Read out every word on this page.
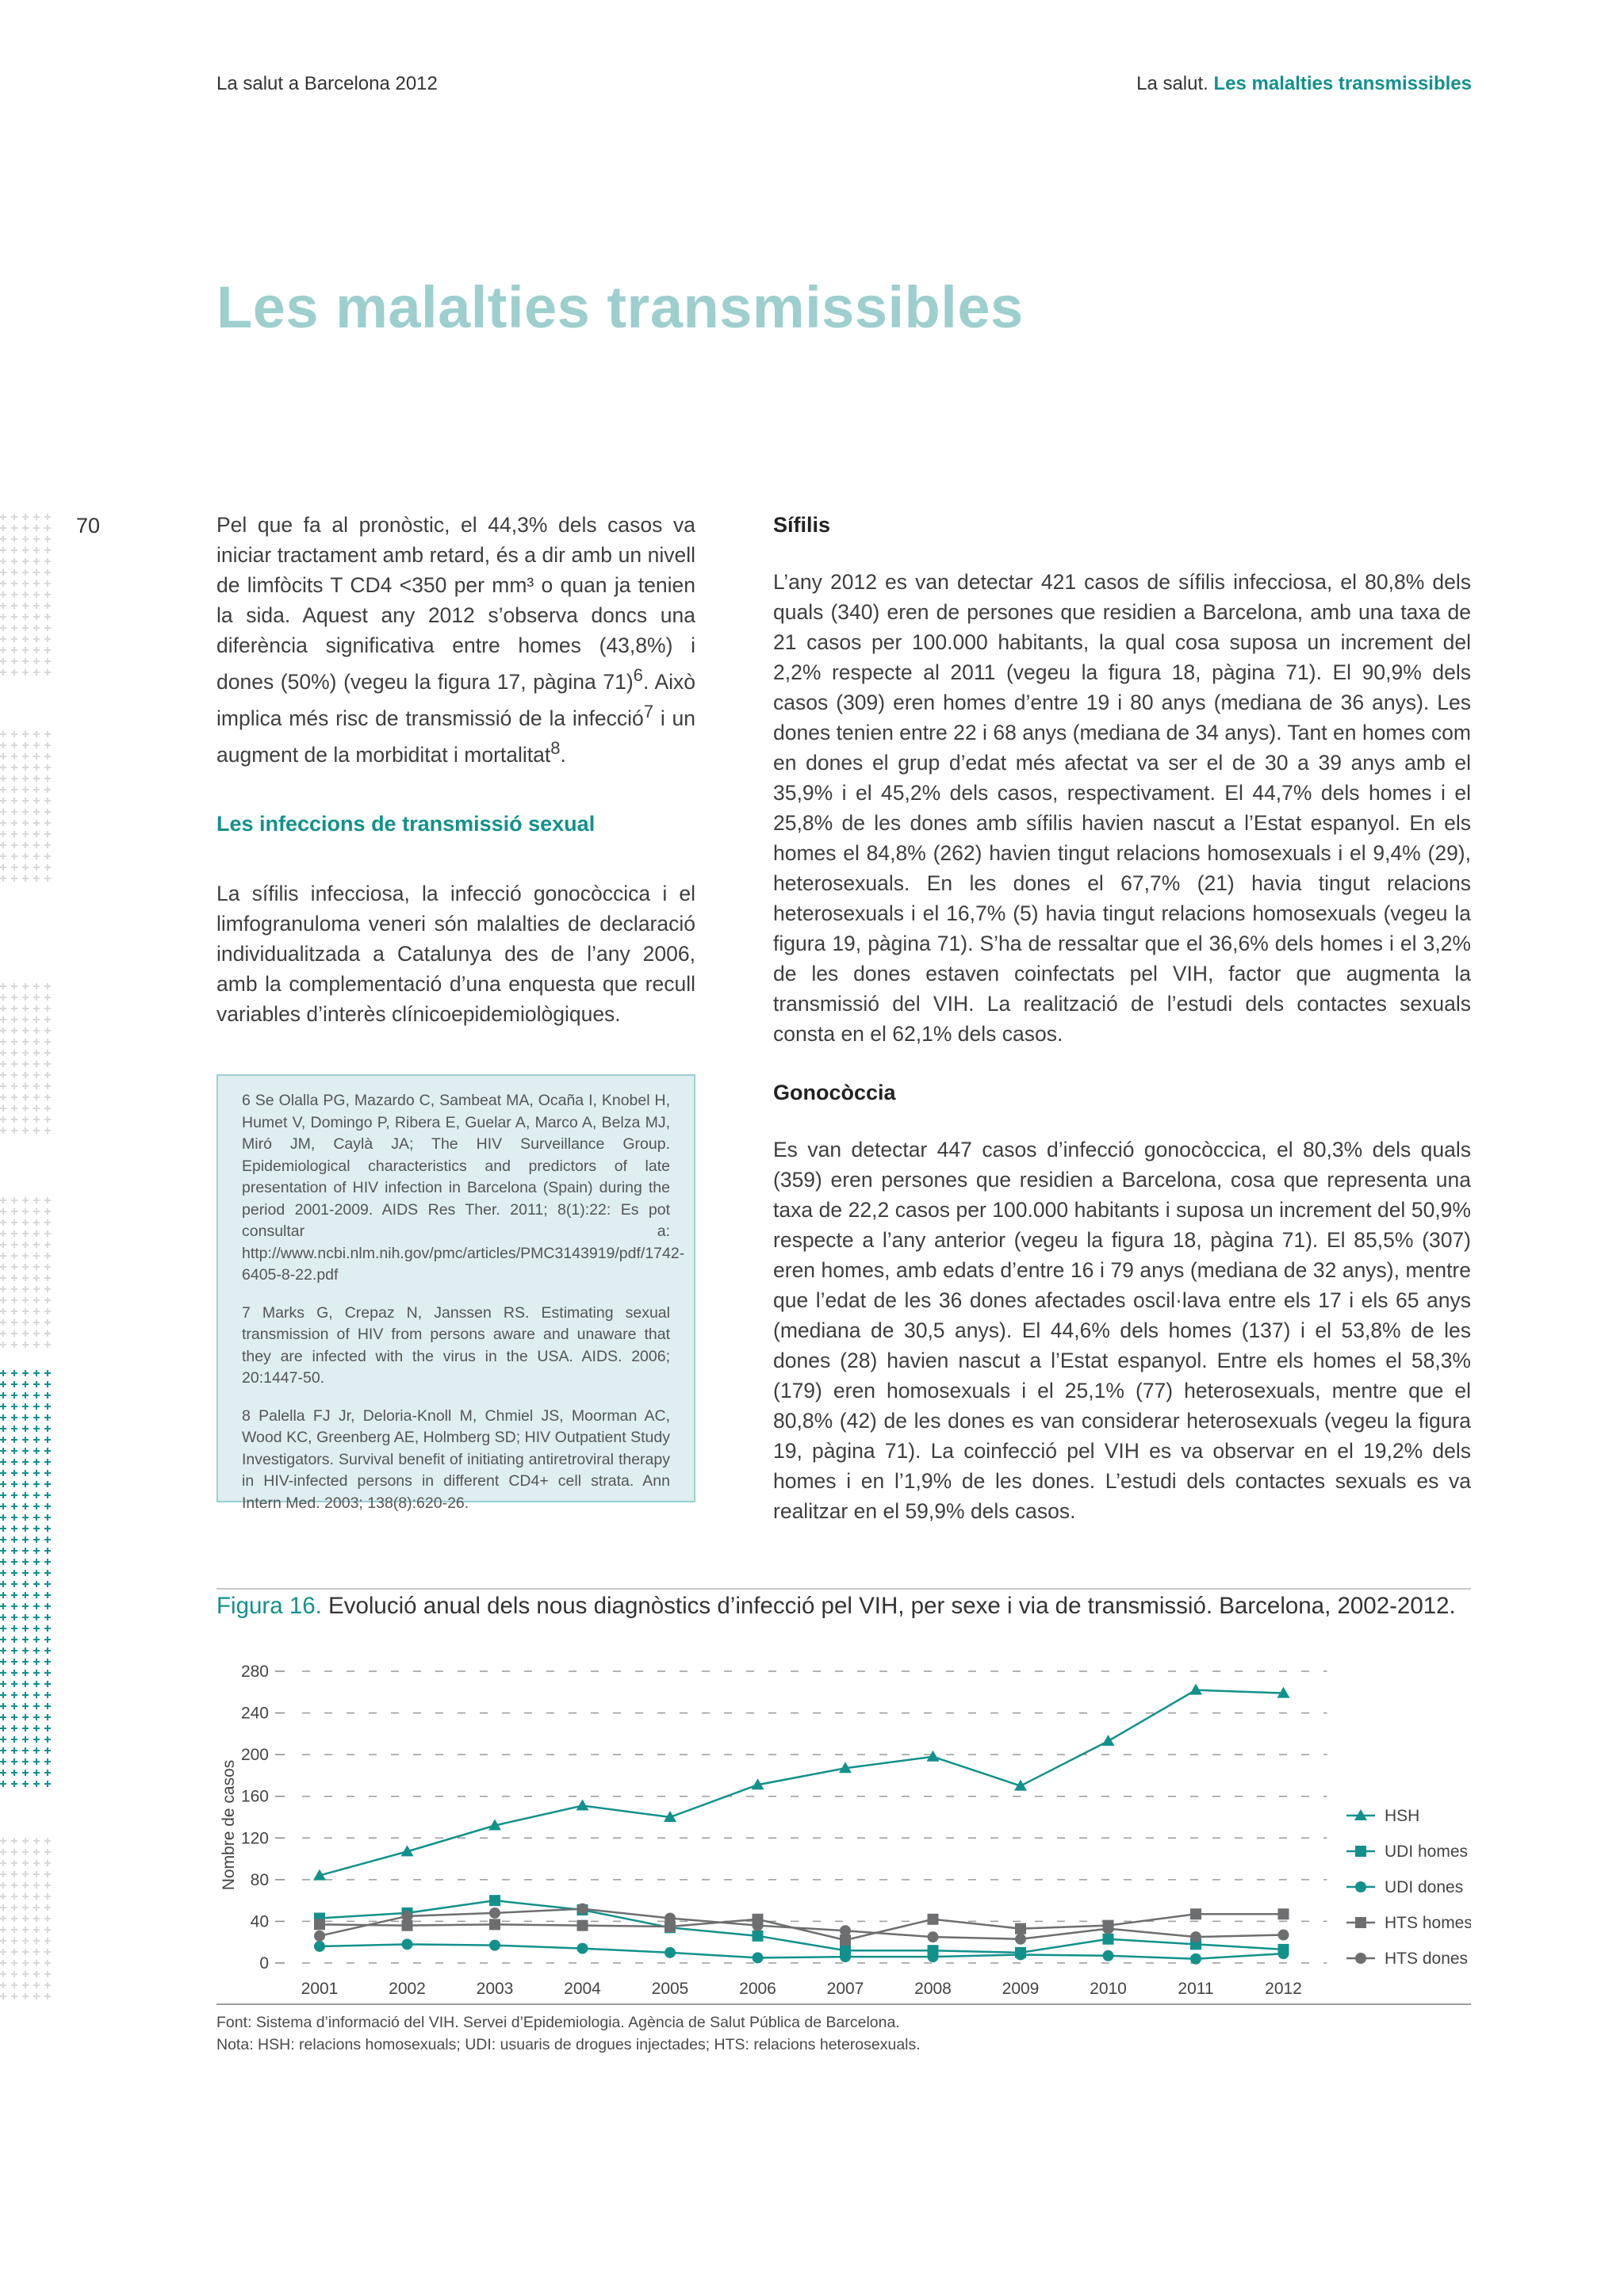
La salut a Barcelona 2012	La salut. Les malalties transmissibles
Les malalties transmissibles
70	Pel que fa al pronòstic, el 44,3% dels casos va iniciar tractament amb retard, és a dir amb un nivell de limfòcits T CD4 <350 per mm³ o quan ja tenien la sida. Aquest any 2012 s’observa doncs una diferència significativa entre homes (43,8%) i dones (50%) (vegeu la figura 17, pàgina 71)$^6$. Això implica més risc de transmissió de la infecció$^7$ i un augment de la morbiditat i mortalitat$^8$.

Les infeccions de transmissió sexual

La sífilis infecciosa, la infecció gonocòccica i el limfogranuloma veneri són malalties de declaració individualitzada a Catalunya des de l’any 2006, amb la complementació d’una enquesta que recull variables d’interès clínicoepidemiològiques.

6 Se Olalla PG, Mazardo C, Sambeat MA, Ocaña I, Knobel H, Humet V, Domingo P, Ribera E, Guelar A, Marco A, Belza MJ, Miró JM, Caylà JA; The HIV Surveillance Group. Epidemiological characteristics and predictors of late presentation of HIV infection in Barcelona (Spain) during the period 2001-2009. AIDS Res Ther. 2011; 8(1):22: Es pot consultar a: http://www.ncbi.nlm.nih.gov/pmc/articles/PMC3143919/pdf/1742-6405-8-22.pdf

7 Marks G, Crepaz N, Janssen RS. Estimating sexual transmission of HIV from persons aware and unaware that they are infected with the virus in the USA. AIDS. 2006; 20:1447-50.

8 Palella FJ Jr, Deloria-Knoll M, Chmiel JS, Moorman AC, Wood KC, Greenberg AE, Holmberg SD; HIV Outpatient Study Investigators. Survival benefit of initiating antiretroviral therapy in HIV-infected persons in different CD4+ cell strata. Ann Intern Med. 2003; 138(8):620-26.

Sífilis

L’any 2012 es van detectar 421 casos de sífilis infecciosa, el 80,8% dels quals (340) eren de persones que residien a Barcelona, amb una taxa de 21 casos per 100.000 habitants, la qual cosa suposa un increment del 2,2% respecte al 2011 (vegeu la figura 18, pàgina 71). El 90,9% dels casos (309) eren homes d’entre 19 i 80 anys (mediana de 36 anys). Les dones tenien entre 22 i 68 anys (mediana de 34 anys). Tant en homes com en dones el grup d’edat més afectat va ser el de 30 a 39 anys amb el 35,9% i el 45,2% dels casos, respectivament. El 44,7% dels homes i el 25,8% de les dones amb sífilis havien nascut a l’Estat espanyol. En els homes el 84,8% (262) havien tingut relacions homosexuals i el 9,4% (29), heterosexuals. En les dones el 67,7% (21) havia tingut relacions heterosexuals i el 16,7% (5) havia tingut relacions homosexuals (vegeu la figura 19, pàgina 71). S’ha de ressaltar que el 36,6% dels homes i el 3,2% de les dones estaven coinfectats pel VIH, factor que augmenta la transmissió del VIH. La realització de l’estudi dels contactes sexuals consta en el 62,1% dels casos.

Gonocòccia

Es van detectar 447 casos d’infecció gonocòccica, el 80,3% dels quals (359) eren persones que residien a Barcelona, cosa que representa una taxa de 22,2 casos per 100.000 habitants i suposa un increment del 50,9% respecte a l’any anterior (vegeu la figura 18, pàgina 71). El 85,5% (307) eren homes, amb edats d’entre 16 i 79 anys (mediana de 32 anys), mentre que l’edat de les 36 dones afectades oscil·lava entre els 17 i els 65 anys (mediana de 30,5 anys). El 44,6% dels homes (137) i el 53,8% de les dones (28) havien nascut a l’Estat espanyol. Entre els homes el 58,3% (179) eren homosexuals i el 25,1% (77) heterosexuals, mentre que el 80,8% (42) de les dones es van considerar heterosexuals (vegeu la figura 19, pàgina 71). La coinfecció pel VIH es va observar en el 19,2% dels homes i en l’1,9% de les dones. L’estudi dels contactes sexuals es va realitzar en el 59,9% dels casos.

Figura 16. Evolució anual dels nous diagnòstics d’infecció pel VIH, per sexe i via de transmissió. Barcelona, 2002-2012.
0
40
80
120
160
200
240
280
Nombre de casos
2001	2002	2003	2004	2005	2006	2007	2008	2009	2010	2011	2012
HSH
UDI homes
UDI dones
HTS homes
HTS dones
Font: Sistema d’informació del VIH. Servei d’Epidemiologia. Agència de Salut Pública de Barcelona.
Nota: HSH: relacions homosexuals; UDI: usuaris de drogues injectades; HTS: relacions heterosexuals.
